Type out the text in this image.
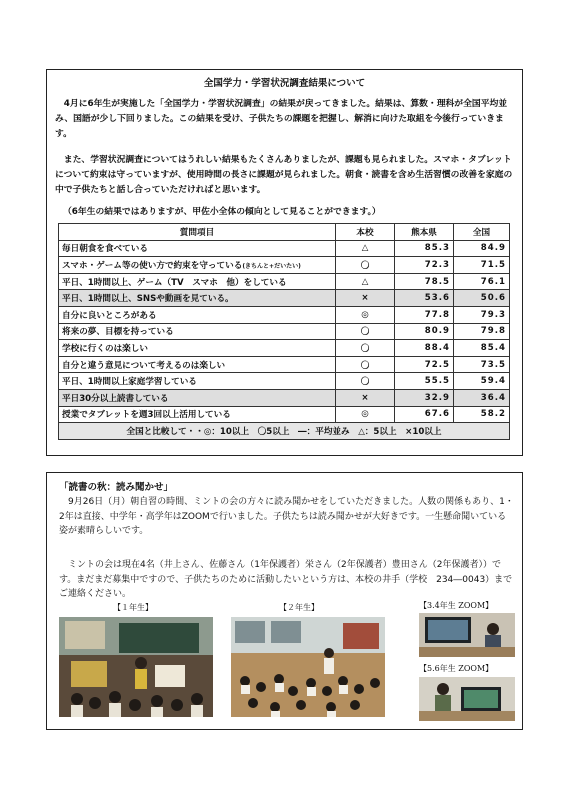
全国学力・学習状況調査結果について
　4月に6年生が実施した「全国学力・学習状況調査」の結果が戻ってきました。結果は、算数・理科が全国平均並み、国語が少し下回りました。この結果を受け、子供たちの課題を把握し、解消に向けた取組を今後行っていきます。
　また、学習状況調査についてはうれしい結果もたくさんありましたが、課題も見られました。スマホ・タブレットについて約束は守っていますが、使用時間の長さに課題が見られました。朝食・読書を含め生活習慣の改善を家庭の中で子供たちと話し合っていただければと思います。
（6年生の結果ではありますが、甲佐小全体の傾向として見ることができます。）
質問項目	本校	熊本県	全国
毎日朝食を食べている	△	85.3	84.9
スマホ・ゲーム等の使い方で約束を守っている(きちんと+だいたい)	〇	72.3	71.5
平日、1時間以上、ゲーム（TV　スマホ　他）をしている	△	78.5	76.1
平日、1時間以上、SNSや動画を見ている。	×	53.6	50.6
自分に良いところがある	◎	77.8	79.3
将来の夢、目標を持っている	〇	80.9	79.8
学校に行くのは楽しい	〇	88.4	85.4
自分と違う意見について考えるのは楽しい	〇	72.5	73.5
平日、1時間以上家庭学習している	〇	55.5	59.4
平日30分以上読書している	×	32.9	36.4
授業でタブレットを週3回以上活用している	◎	67.6	58.2
全国と比較して・・◎：10以上　〇5以上　―：平均並み　△：5以上　×10以上			
「読書の秋：読み聞かせ」
　9月26日（月）朝自習の時間、ミントの会の方々に読み聞かせをしていただきました。人数の関係もあり、1・2年は直接、中学年・高学年はZOOMで行いました。子供たちは読み聞かせが大好きです。一生懸命聞いている姿が素晴らしいです。
　ミントの会は現在4名（井上さん、佐藤さん（1年保護者）栄さん（2年保護者）豊田さん（2年保護者））です。まだまだ募集中ですので、子供たちのために活動したいという方は、本校の井手（学校　234―0043）までご連絡ください。
【１年生】	【２年生】	【3.4年生 ZOOM】
【5.6年生 ZOOM】
